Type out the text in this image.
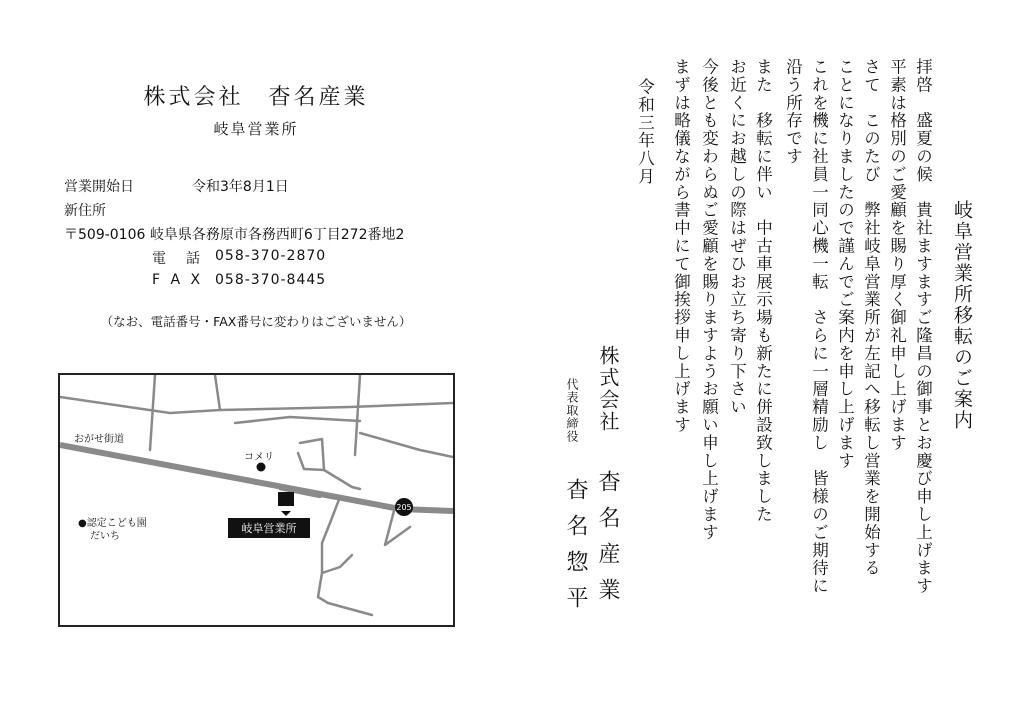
株式会社　杳名産業
岐阜営業所
営業開始日	令和3年8月1日
新住所
〒509-0106 岐阜県各務原市各務西町6丁目272番地2
電　話 058-370-2870
F A X 058-370-8445
（なお、電話番号・FAX番号に変わりはございません）
おがせ街道
コメリ
岐阜営業所
●認定こども園
だいち
205
岐阜営業所移転のご案内
拝啓　盛夏の候　貴社ますますご隆昌の御事とお慶び申し上げます
平素は格別のご愛顧を賜り厚く御礼申し上げます
さて　このたび　弊社岐阜営業所が左記へ移転し営業を開始する
ことになりましたので謹んでご案内を申し上げます
これを機に社員一同心機一転　さらに一層精励し　皆様のご期待に
沿う所存です
また　移転に伴い　中古車展示場も新たに併設致しました
お近くにお越しの際はぜひお立ち寄り下さい
今後とも変わらぬご愛顧を賜りますようお願い申し上げます
まずは略儀ながら書中にて御挨拶申し上げます
令和三年八月
株式会社
杳名産業
代表取締役
杳名惣平
